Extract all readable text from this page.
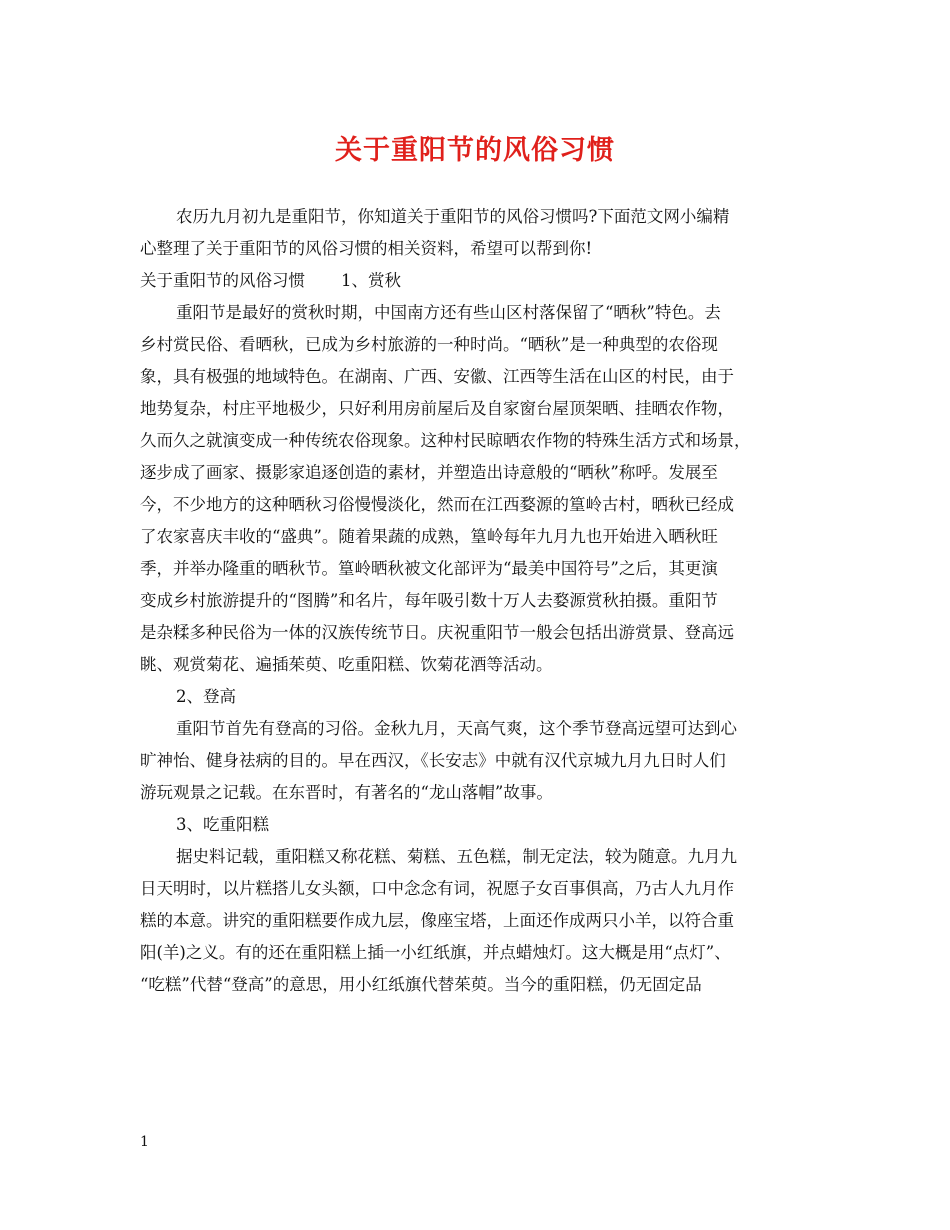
关于重阳节的风俗习惯
农历九月初九是重阳节，你知道关于重阳节的风俗习惯吗?下面范文网小编精
心整理了关于重阳节的风俗习惯的相关资料，希望可以帮到你!
关于重阳节的风俗习惯 1、赏秋
重阳节是最好的赏秋时期，中国南方还有些山区村落保留了“晒秋”特色。去
乡村赏民俗、看晒秋，已成为乡村旅游的一种时尚。“晒秋”是一种典型的农俗现
象，具有极强的地域特色。在湖南、广西、安徽、江西等生活在山区的村民，由于
地势复杂，村庄平地极少，只好利用房前屋后及自家窗台屋顶架晒、挂晒农作物，
久而久之就演变成一种传统农俗现象。这种村民晾晒农作物的特殊生活方式和场景，
逐步成了画家、摄影家追逐创造的素材，并塑造出诗意般的“晒秋”称呼。发展至
今，不少地方的这种晒秋习俗慢慢淡化，然而在江西婺源的篁岭古村，晒秋已经成
了农家喜庆丰收的“盛典”。随着果蔬的成熟，篁岭每年九月九也开始进入晒秋旺
季，并举办隆重的晒秋节。篁岭晒秋被文化部评为“最美中国符号”之后，其更演
变成乡村旅游提升的“图腾”和名片，每年吸引数十万人去婺源赏秋拍摄。重阳节
是杂糅多种民俗为一体的汉族传统节日。庆祝重阳节一般会包括出游赏景、登高远
眺、观赏菊花、遍插茱萸、吃重阳糕、饮菊花酒等活动。
2、登高
重阳节首先有登高的习俗。金秋九月，天高气爽，这个季节登高远望可达到心
旷神怡、健身祛病的目的。早在西汉，《长安志》中就有汉代京城九月九日时人们
游玩观景之记载。在东晋时，有著名的“龙山落帽”故事。
3、吃重阳糕
据史料记载，重阳糕又称花糕、菊糕、五色糕，制无定法，较为随意。九月九
日天明时，以片糕搭儿女头额，口中念念有词，祝愿子女百事俱高，乃古人九月作
糕的本意。讲究的重阳糕要作成九层，像座宝塔，上面还作成两只小羊，以符合重
阳(羊)之义。有的还在重阳糕上插一小红纸旗，并点蜡烛灯。这大概是用“点灯”、
“吃糕”代替“登高”的意思，用小红纸旗代替茱萸。当今的重阳糕，仍无固定品
1
